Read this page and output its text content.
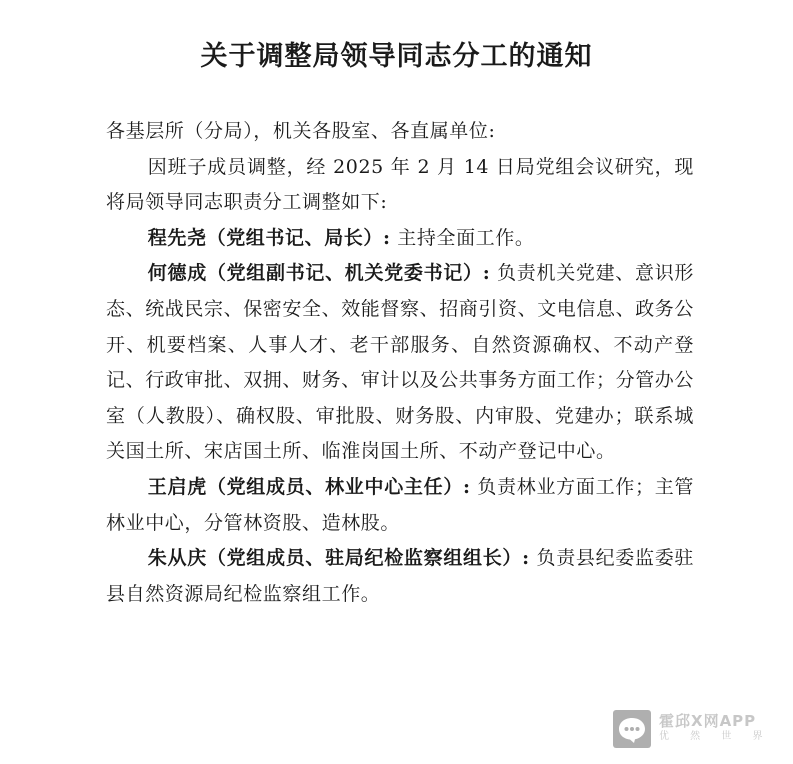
关于调整局领导同志分工的通知

各基层所（分局），机关各股室、各直属单位:

因班子成员调整，经 2025 年 2 月 14 日局党组会议研究，现将局领导同志职责分工调整如下:

程先尧（党组书记、局长）: 主持全面工作。

何德成（党组副书记、机关党委书记）: 负责机关党建、意识形态、统战民宗、保密安全、效能督察、招商引资、文电信息、政务公开、机要档案、人事人才、老干部服务、自然资源确权、不动产登记、行政审批、双拥、财务、审计以及公共事务方面工作；分管办公室（人教股）、确权股、审批股、财务股、内审股、党建办；联系城关国土所、宋店国土所、临淮岗国土所、不动产登记中心。

王启虎（党组成员、林业中心主任）: 负责林业方面工作；主管林业中心，分管林资股、造林股。

朱从庆（党组成员、驻局纪检监察组组长）: 负责县纪委监委驻县自然资源局纪检监察组工作。

霍邱X网APP
优 然 世 界
